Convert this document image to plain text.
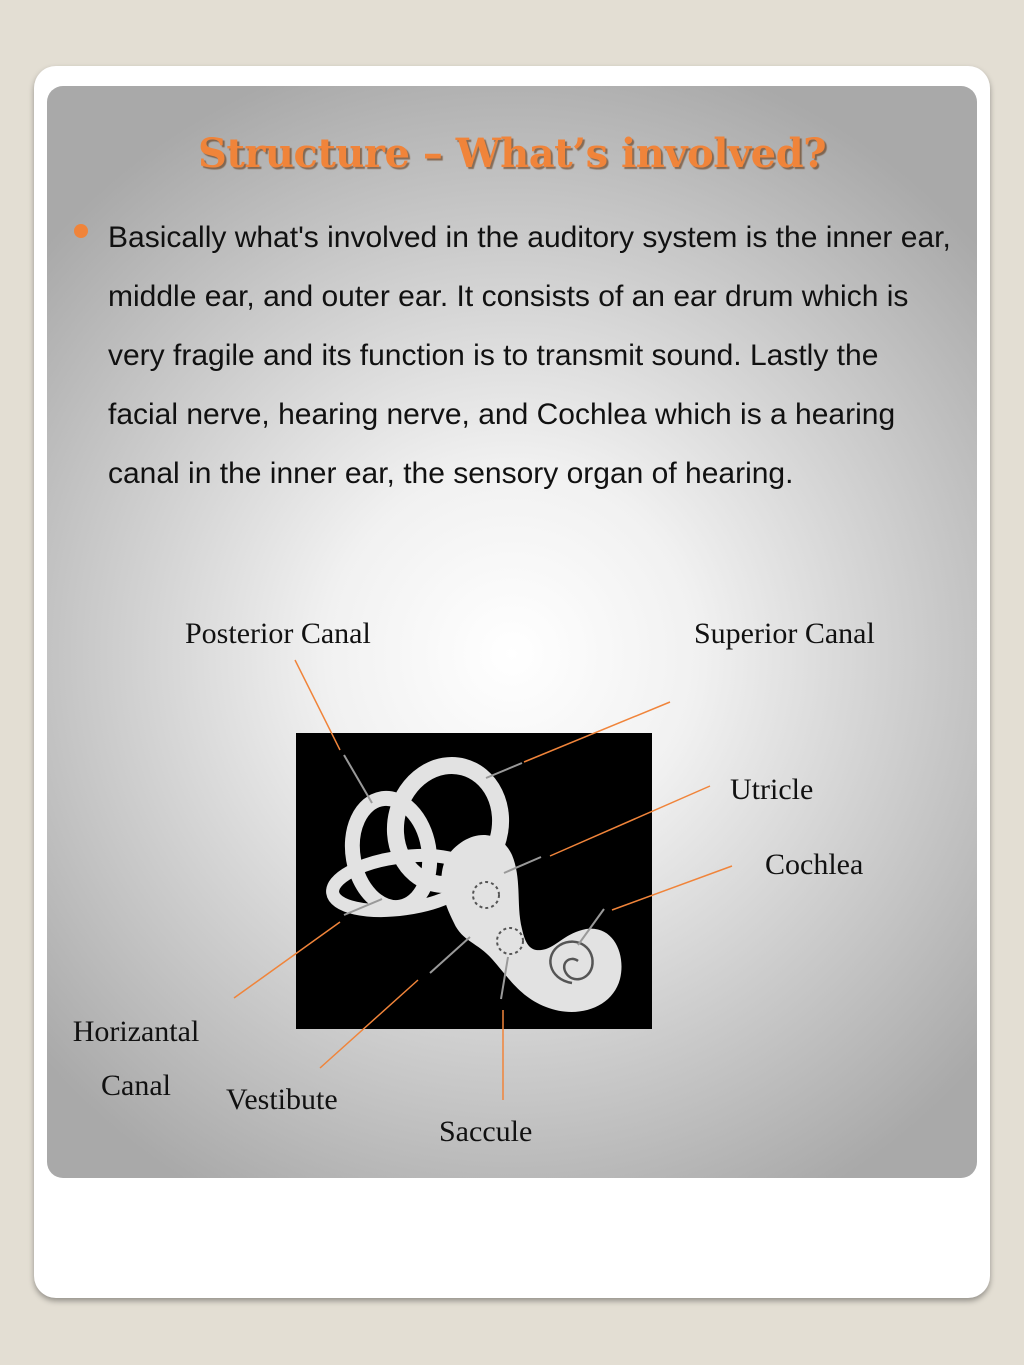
Structure – What’s involved?

Basically what's involved in the auditory system is the inner ear, middle ear, and outer ear. It consists of an ear drum which is very fragile and its function is to transmit sound. Lastly the facial nerve, hearing nerve, and Cochlea which is a hearing canal in the inner ear, the sensory organ of hearing.

Posterior Canal	Superior Canal

Utricle

Cochlea

Horizantal

Canal	Vestibute

Saccule
